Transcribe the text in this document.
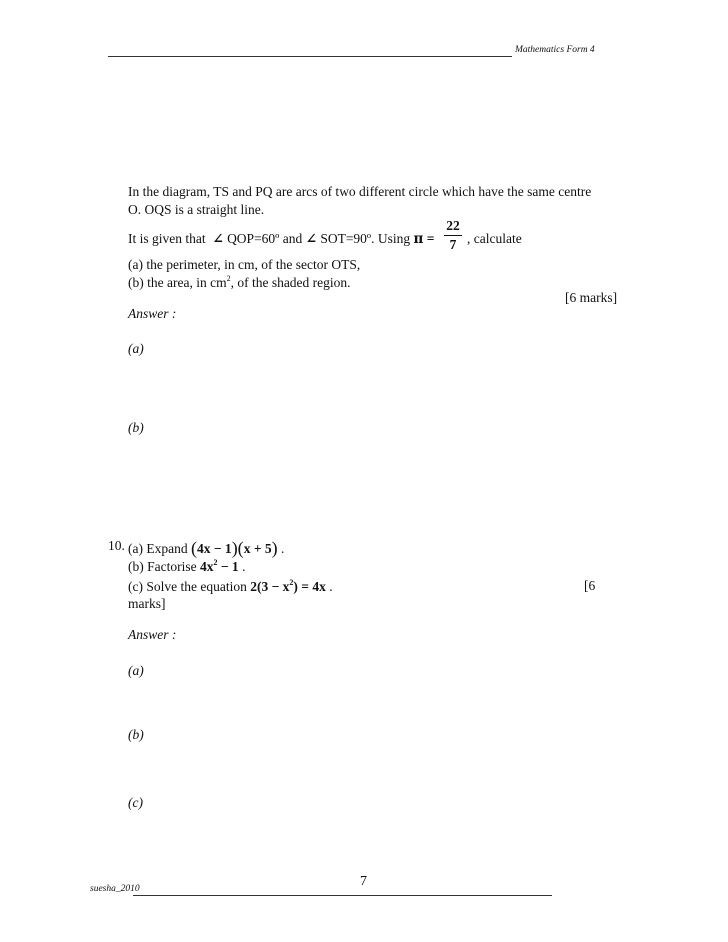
Mathematics Form 4
In the diagram, TS and PQ are arcs of two different circle which have the same centre
O. OQS is a straight line.
It is given that  ∠ QOP=60º and ∠ SOT=90º. Using π =
22
7 , calculate
(a) the perimeter, in cm, of the sector OTS,
(b) the area, in $cm^2$, of the shaded region.
[6 marks]
Answer :
(a)
(b)
10. (a) Expand (4x − 1)(x + 5) .
(b) Factorise $4x^2 - 1$ .
(c) Solve the equation $2(3 - x^2) = 4x$ .	[6
marks]
Answer :
(a)
(b)
(c)
7
suesha_2010
